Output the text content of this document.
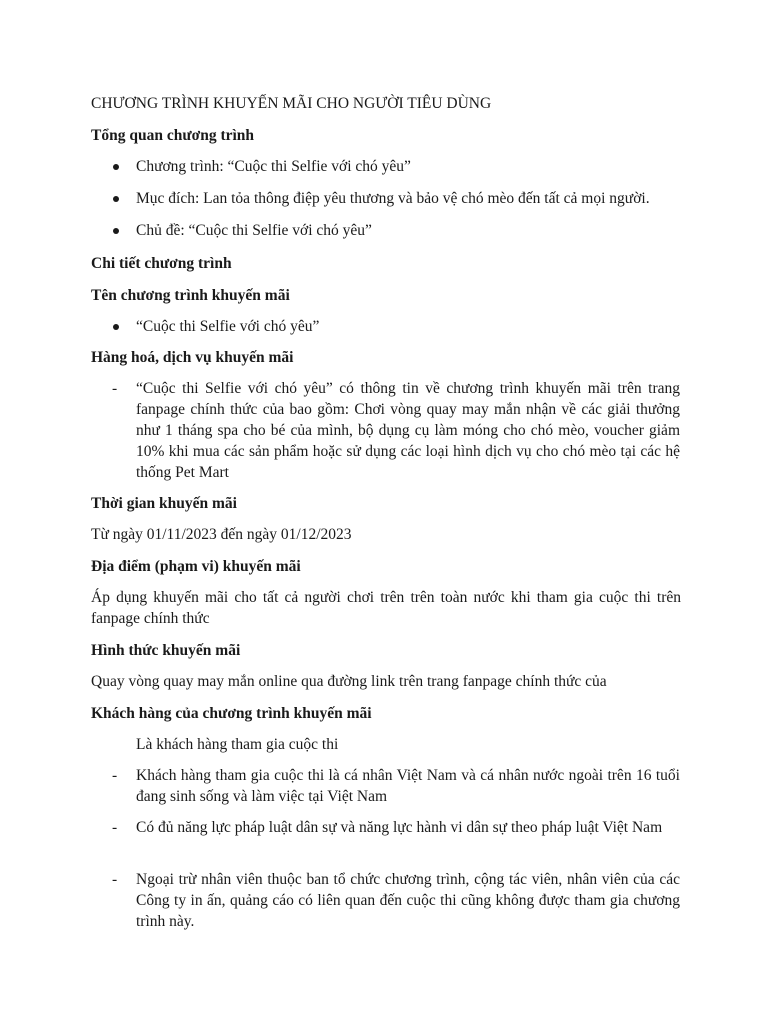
CHƯƠNG TRÌNH KHUYẾN MÃI CHO NGƯỜI TIÊU DÙNG

Tổng quan chương trình

Chương trình: “Cuộc thi Selfie với chó yêu”
Mục đích: Lan tỏa thông điệp yêu thương và bảo vệ chó mèo đến tất cả mọi người.
Chủ đề: “Cuộc thi Selfie với chó yêu”

Chi tiết chương trình

Tên chương trình khuyến mãi

“Cuộc thi Selfie với chó yêu”

Hàng hoá, dịch vụ khuyến mãi

- “Cuộc thi Selfie với chó yêu” có thông tin về chương trình khuyến mãi trên trang fanpage chính thức của bao gồm: Chơi vòng quay may mắn nhận về các giải thưởng như 1 tháng spa cho bé của mình, bộ dụng cụ làm móng cho chó mèo, voucher giảm 10% khi mua các sản phẩm hoặc sử dụng các loại hình dịch vụ cho chó mèo tại các hệ thống Pet Mart

Thời gian khuyến mãi

Từ ngày 01/11/2023 đến ngày 01/12/2023

Địa điểm (phạm vi) khuyến mãi

Áp dụng khuyến mãi cho tất cả người chơi trên trên toàn nước khi tham gia cuộc thi trên fanpage chính thức

Hình thức khuyến mãi

Quay vòng quay may mắn online qua đường link trên trang fanpage chính thức của

Khách hàng của chương trình khuyến mãi

Là khách hàng tham gia cuộc thi

- Khách hàng tham gia cuộc thi là cá nhân Việt Nam và cá nhân nước ngoài trên 16 tuổi đang sinh sống và làm việc tại Việt Nam
- Có đủ năng lực pháp luật dân sự và năng lực hành vi dân sự theo pháp luật Việt Nam
- Ngoại trừ nhân viên thuộc ban tổ chức chương trình, cộng tác viên, nhân viên của các Công ty in ấn, quảng cáo có liên quan đến cuộc thi cũng không được tham gia chương trình này.
